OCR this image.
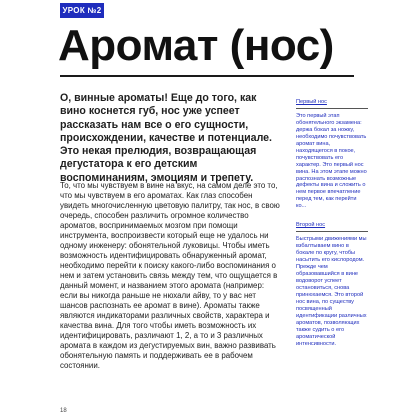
УРОК №2
Аромат (нос)

О, винные ароматы! Еще до того, как вино коснется губ, нос уже успеет рассказать нам все о его сущности, происхождении, качестве и потенциале. Это некая прелюдия, возвращающая дегустатора к его детским воспоминаниям, эмоциям и трепету.

То, что мы чувствуем в вине на вкус, на самом деле это то, что мы чувствуем в его ароматах. Как глаз способен увидеть многочисленную цветовую палитру, так нос, в свою очередь, способен различить огромное количество ароматов, воспринимаемых мозгом при помощи инструмента, воспроизвести который еще не удалось ни одному инженеру: обонятельной луковицы. Чтобы иметь возможность идентифицировать обнаруженный аромат, необходимо перейти к поиску какого-либо воспоминания о нем и затем установить связь между тем, что ощущается в данный момент, и названием этого аромата (например: если вы никогда раньше не нюхали айву, то у вас нет шансов распознать ее аромат в вине). Ароматы также являются индикаторами различных свойств, характера и качества вина. Для того чтобы иметь возможность их идентифицировать, различают 1, 2, а то и 3 различных аромата в каждом из дегустируемых вин, важно развивать обонятельную память и поддерживать ее в рабочем состоянии.

Первый нос
Это первый этап обонятельного экзамена: держа бокал за ножку, необходимо почувствовать аромат вина, находящегося в покое, почувствовать его характер. Это первый нос вина. На этом этапе можно распознать возможные дефекты вина и сложить о нем первое впечатление перед тем, как перейти ко...
Второй нос
Быстрыми движениями мы взбалтываем вино в бокале по кругу, чтобы насытить его кислородом. Прежде чем образовавшийся в вине водоворот успеет остановиться, снова принюхаемся. Это второй нос вина, по существу посвященный идентификации различных ароматов, позволяющих также судить о его ароматической интенсивности.
18
